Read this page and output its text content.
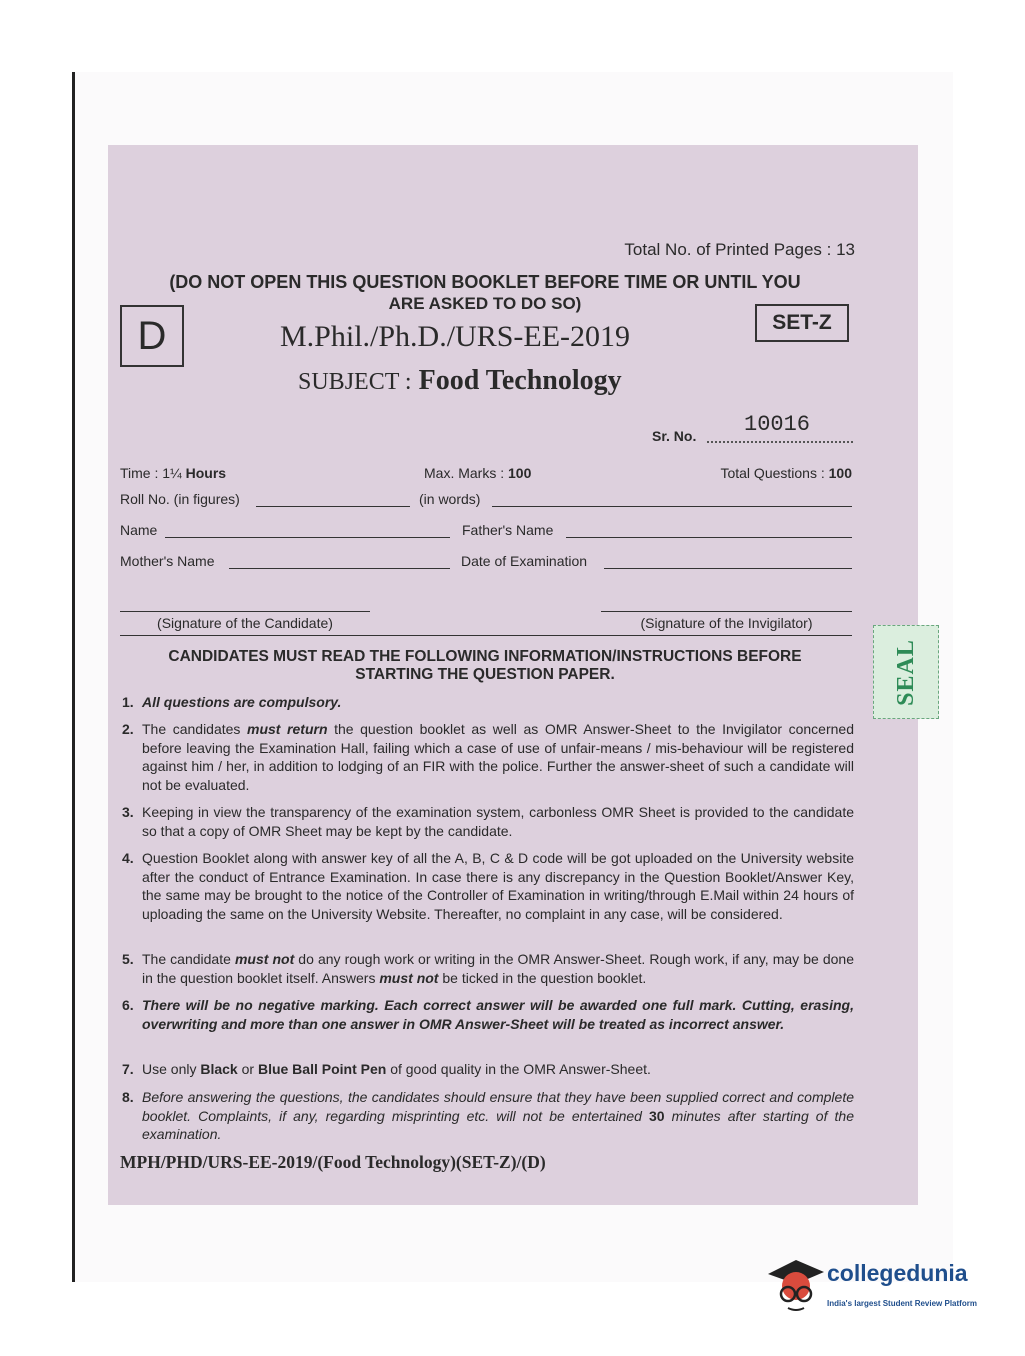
Total No. of Printed Pages : 13
(DO NOT OPEN THIS QUESTION BOOKLET BEFORE TIME OR UNTIL YOU
ARE ASKED TO DO SO)
D	SET-Z
M.Phil./Ph.D./URS-EE-2019
SUBJECT : Food Technology
Sr. No. 10016
Time : 1¼ Hours	Max. Marks : 100	Total Questions : 100
Roll No. (in figures)	(in words)
Name	Father's Name
Mother's Name	Date of Examination
(Signature of the Candidate)	(Signature of the Invigilator)
CANDIDATES MUST READ THE FOLLOWING INFORMATION/INSTRUCTIONS BEFORE
STARTING THE QUESTION PAPER.
1. All questions are compulsory.
2. The candidates must return the question booklet as well as OMR Answer-Sheet to the Invigilator concerned before leaving the Examination Hall, failing which a case of use of unfair-means / mis-behaviour will be registered against him / her, in addition to lodging of an FIR with the police. Further the answer-sheet of such a candidate will not be evaluated.
3. Keeping in view the transparency of the examination system, carbonless OMR Sheet is provided to the candidate so that a copy of OMR Sheet may be kept by the candidate.
4. Question Booklet along with answer key of all the A, B, C & D code will be got uploaded on the University website after the conduct of Entrance Examination. In case there is any discrepancy in the Question Booklet/Answer Key, the same may be brought to the notice of the Controller of Examination in writing/through E.Mail within 24 hours of uploading the same on the University Website. Thereafter, no complaint in any case, will be considered.
5. The candidate must not do any rough work or writing in the OMR Answer-Sheet. Rough work, if any, may be done in the question booklet itself. Answers must not be ticked in the question booklet.
6. There will be no negative marking. Each correct answer will be awarded one full mark. Cutting, erasing, overwriting and more than one answer in OMR Answer-Sheet will be treated as incorrect answer.
7. Use only Black or Blue Ball Point Pen of good quality in the OMR Answer-Sheet.
8. Before answering the questions, the candidates should ensure that they have been supplied correct and complete booklet. Complaints, if any, regarding misprinting etc. will not be entertained 30 minutes after starting of the examination.
MPH/PHD/URS-EE-2019/(Food Technology)(SET-Z)/(D)
SEAL
collegedunia
India's largest Student Review Platform
